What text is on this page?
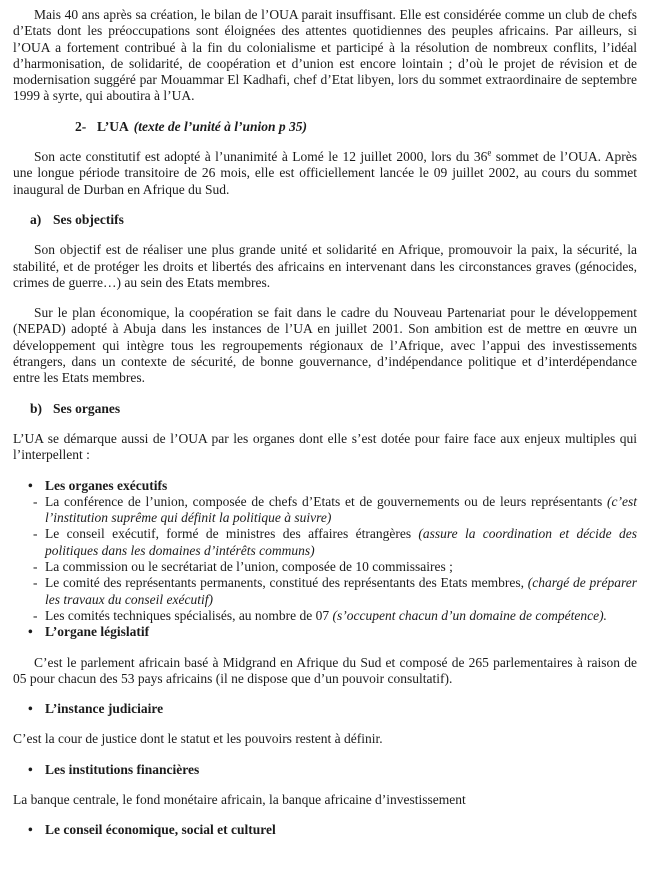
Mais 40 ans après sa création, le bilan de l’OUA parait insuffisant. Elle est considérée comme un club de chefs d’Etats dont les préoccupations sont éloignées des attentes quotidiennes des peuples africains. Par ailleurs, si l’OUA a fortement contribué à la fin du colonialisme et participé à la résolution de nombreux conflits, l’idéal d’harmonisation, de solidarité, de coopération et d’union est encore lointain ; d’où le projet de révision et de modernisation suggéré par Mouammar El Kadhafi, chef d’Etat libyen, lors du sommet extraordinaire de septembre 1999 à syrte, qui aboutira à l’UA.

2- L’UA (texte de l’unité à l’union p 35)

Son acte constitutif est adopté à l’unanimité à Lomé le 12 juillet 2000, lors du 36e sommet de l’OUA. Après une longue période transitoire de 26 mois, elle est officiellement lancée le 09 juillet 2002, au cours du sommet inaugural de Durban en Afrique du Sud.

a) Ses objectifs

Son objectif est de réaliser une plus grande unité et solidarité en Afrique, promouvoir la paix, la sécurité, la stabilité, et de protéger les droits et libertés des africains en intervenant dans les circonstances graves (génocides, crimes de guerre…) au sein des Etats membres.

Sur le plan économique, la coopération se fait dans le cadre du Nouveau Partenariat pour le développement (NEPAD) adopté à Abuja dans les instances de l’UA en juillet 2001. Son ambition est de mettre en œuvre un développement qui intègre tous les regroupements régionaux de l’Afrique, avec l’appui des investissements étrangers, dans un contexte de sécurité, de bonne gouvernance, d’indépendance politique et d’interdépendance entre les Etats membres.

b) Ses organes

L’UA se démarque aussi de l’OUA par les organes dont elle s’est dotée pour faire face aux enjeux multiples qui l’interpellent :

• Les organes exécutifs
- La conférence de l’union, composée de chefs d’Etats et de gouvernements ou de leurs représentants (c’est l’institution suprême qui définit la politique à suivre)
- Le conseil exécutif, formé de ministres des affaires étrangères (assure la coordination et décide des politiques dans les domaines d’intérêts communs)
- La commission ou le secrétariat de l’union, composée de 10 commissaires ;
- Le comité des représentants permanents, constitué des représentants des Etats membres, (chargé de préparer les travaux du conseil exécutif)
- Les comités techniques spécialisés, au nombre de 07 (s’occupent chacun d’un domaine de compétence).
• L’organe législatif

C’est le parlement africain basé à Midgrand en Afrique du Sud et composé de 265 parlementaires à raison de 05 pour chacun des 53 pays africains (il ne dispose que d’un pouvoir consultatif).

• L’instance judiciaire

C’est la cour de justice dont le statut et les pouvoirs restent à définir.

• Les institutions financières

La banque centrale, le fond monétaire africain, la banque africaine d’investissement

• Le conseil économique, social et culturel
